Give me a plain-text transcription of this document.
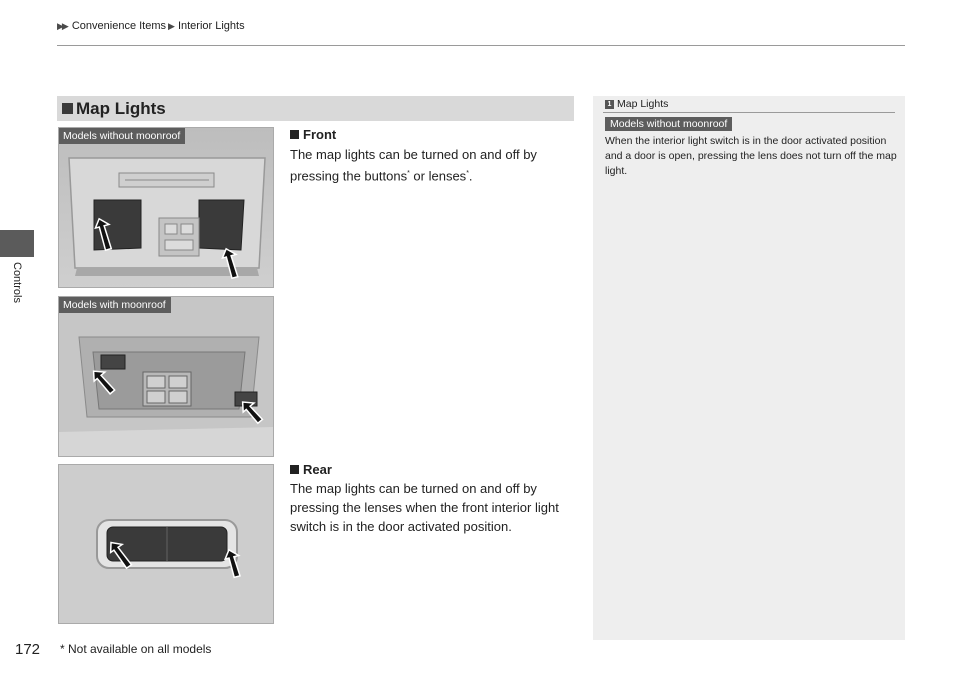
▶▶ Convenience Items ▶ Interior Lights
Controls
Map Lights
Models without moonroof
Models with moonroof
Front
The map lights can be turned on and off by pressing the buttons* or lenses*.
Rear
The map lights can be turned on and off by pressing the lenses when the front interior light switch is in the door activated position.
1 Map Lights
Models without moonroof
When the interior light switch is in the door activated position and a door is open, pressing the lens does not turn off the map light.
172 * Not available on all models
